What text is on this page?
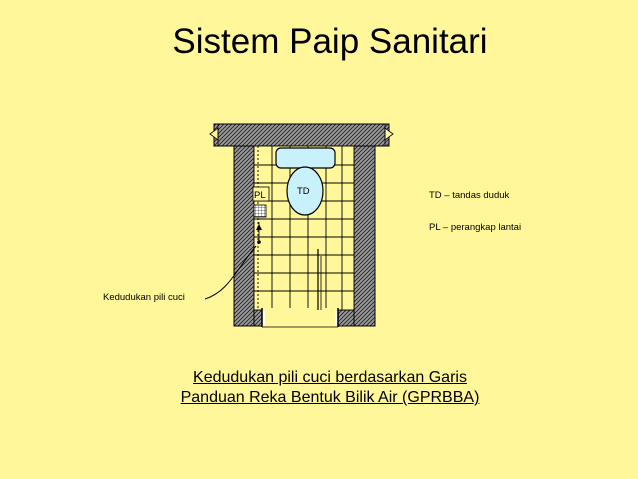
Sistem Paip Sanitari
TD
PL	TD – tandas duduk
PL – perangkap lantai
Kedudukan pili cuci
Kedudukan pili cuci berdasarkan Garis
Panduan Reka Bentuk Bilik Air (GPRBBA)
